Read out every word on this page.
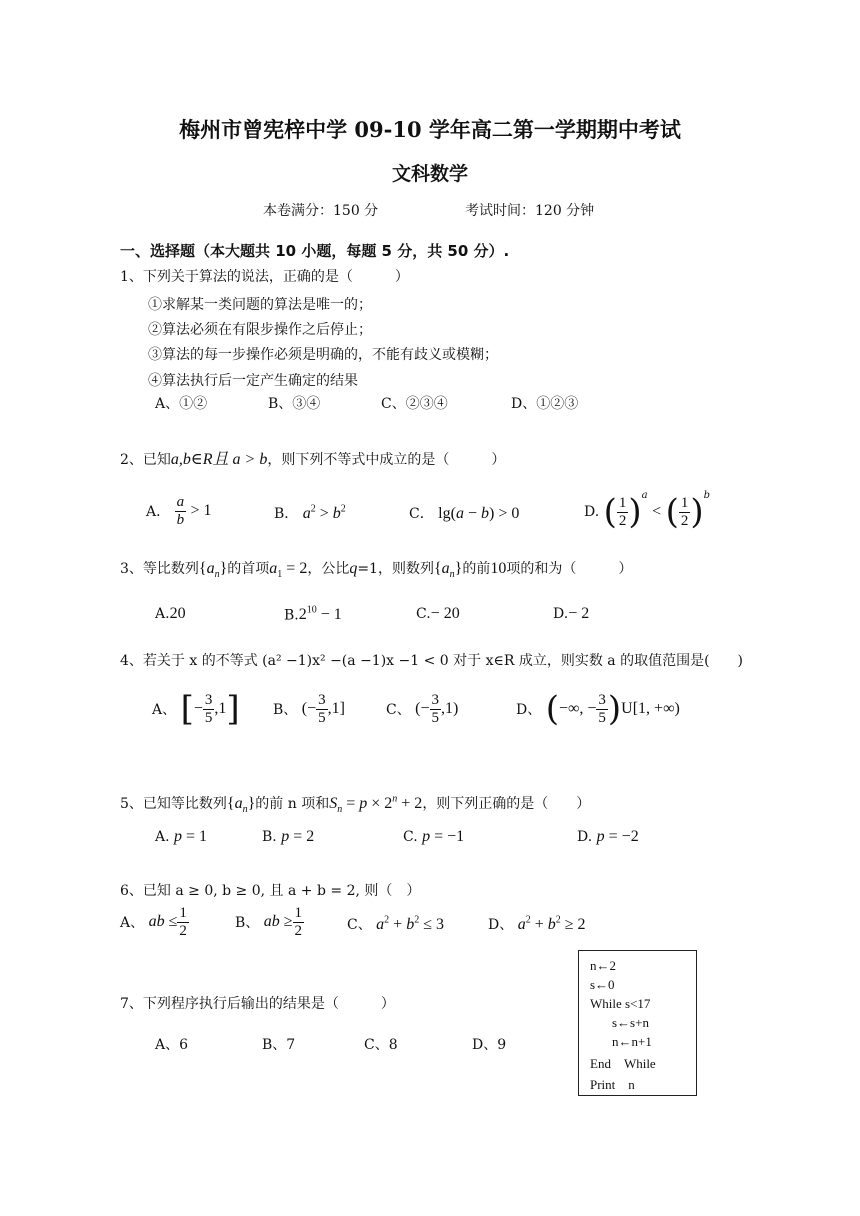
梅州市曾宪梓中学 09-10 学年高二第一学期期中考试
文科数学
本卷满分：150 分	考试时间：120 分钟
一、选择题（本大题共 10 小题，每题 5 分，共 50 分）.
1、下列关于算法的说法，正确的是（　　　）
①求解某一类问题的算法是唯一的；
②算法必须在有限步操作之后停止；
③算法的每一步操作必须是明确的，不能有歧义或模糊；
④算法执行后一定产生确定的结果
A、①②	B、③④	C、②③④	D、①②③
2、已知a,b∈R且 a > b，则下列不等式中成立的是（　　　）
A． $\frac{a}{b} > 1$	B． $a^2 > b^2$	C． lg(a − b) > 0	D. ( $\frac{1}{2} )^a$ < ( $\frac{1}{2} )^b$
3、等比数列$\{a_n\}$的首项$a_1 = 2$，公比q=1，则数列$\{a_n\}$的前10项的和为（　　　）
A.20	$B.2^{10} - 1$	C.− 20	D.− 2
4、若关于 x 的不等式 (a² −1)x² −(a −1)x −1 < 0 对于 x∈R 成立，则实数 a 的取值范围是(　　)
A、 [− $\frac{3}{5} ,1$] B、 (− $\frac{3}{5} ,1$]	C、 (− $\frac{3}{5} ,1$)	D、 (−∞, − $\frac{3}{5} )U[1$, +∞)
5、已知等比数列$\{a_n\}$的前 n 项和$S_n = p \times 2^n + 2$，则下列正确的是（　　）
A. p = 1	B. p = 2	C. p = −1	D. p = −2
6、已知 a ≥ 0, b ≥ 0, 且 a + b = 2, 则（　）
A、 ab ≤ $\frac{1}{2}$	B、 ab ≥ $\frac{1}{2}$	C、 $a^2 + b^2 \le 3$	D、 $a^2 + b^2 \ge 2$
7、下列程序执行后输出的结果是（　　　）
A、6	B、7	C、8	D、9
n←2
s←0
While s<17
s←s+n
n←n+1
End　While
Print　n
